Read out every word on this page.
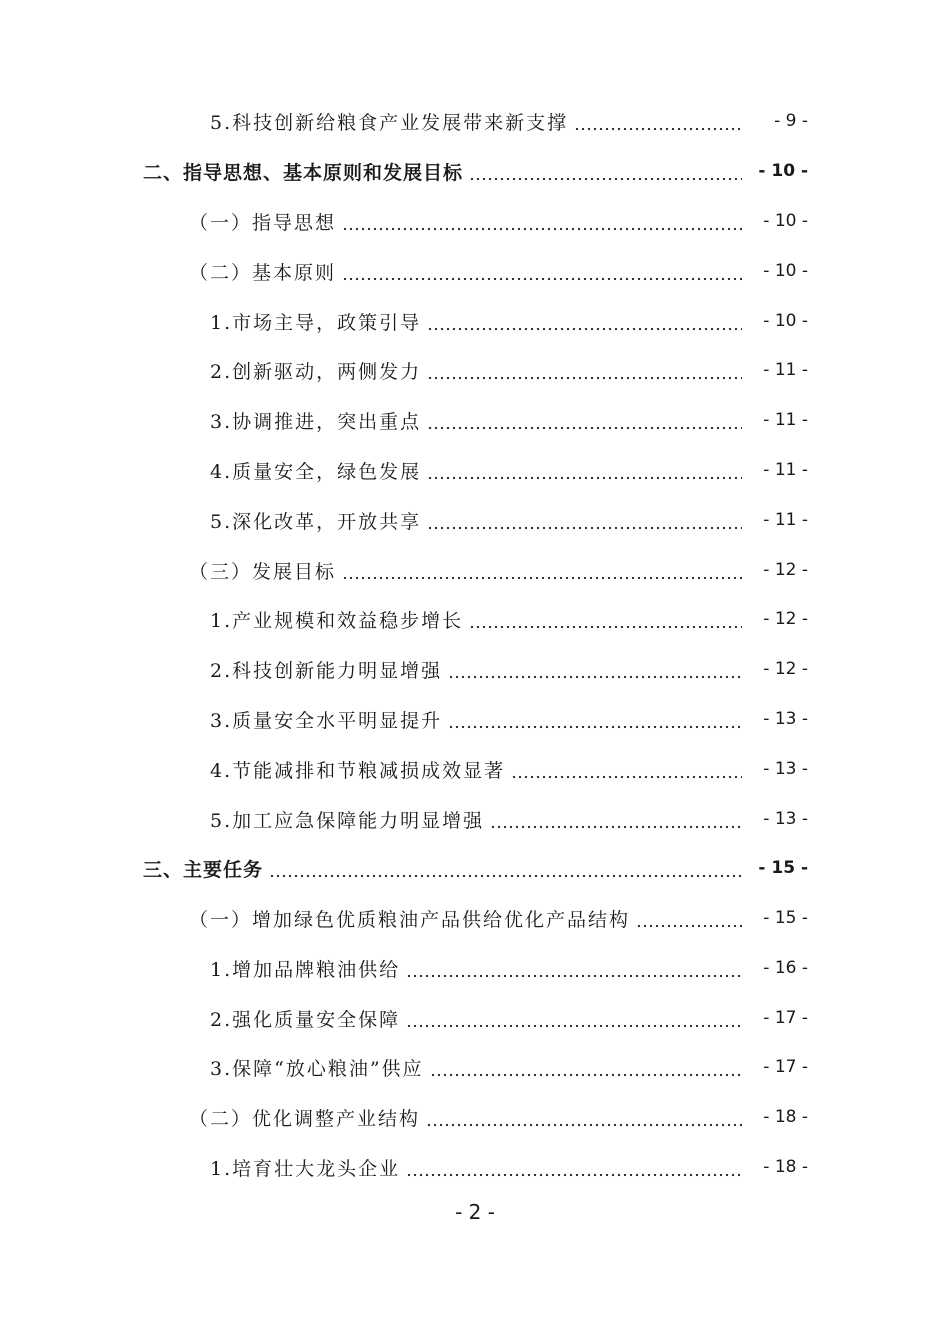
5.科技创新给粮食产业发展带来新支撑	- 9 -
二、指导思想、基本原则和发展目标	- 10 -
（一）指导思想	- 10 -
（二）基本原则	- 10 -
1.市场主导，政策引导	- 10 -
2.创新驱动，两侧发力	- 11 -
3.协调推进，突出重点	- 11 -
4.质量安全，绿色发展	- 11 -
5.深化改革，开放共享	- 11 -
（三）发展目标	- 12 -
1.产业规模和效益稳步增长	- 12 -
2.科技创新能力明显增强	- 12 -
3.质量安全水平明显提升	- 13 -
4.节能减排和节粮减损成效显著	- 13 -
5.加工应急保障能力明显增强	- 13 -
三、主要任务	- 15 -
（一）增加绿色优质粮油产品供给优化产品结构	- 15 -
1.增加品牌粮油供给	- 16 -
2.强化质量安全保障	- 17 -
3.保障“放心粮油”供应	- 17 -
（二）优化调整产业结构	- 18 -
1.培育壮大龙头企业	- 18 -
- 2 -
